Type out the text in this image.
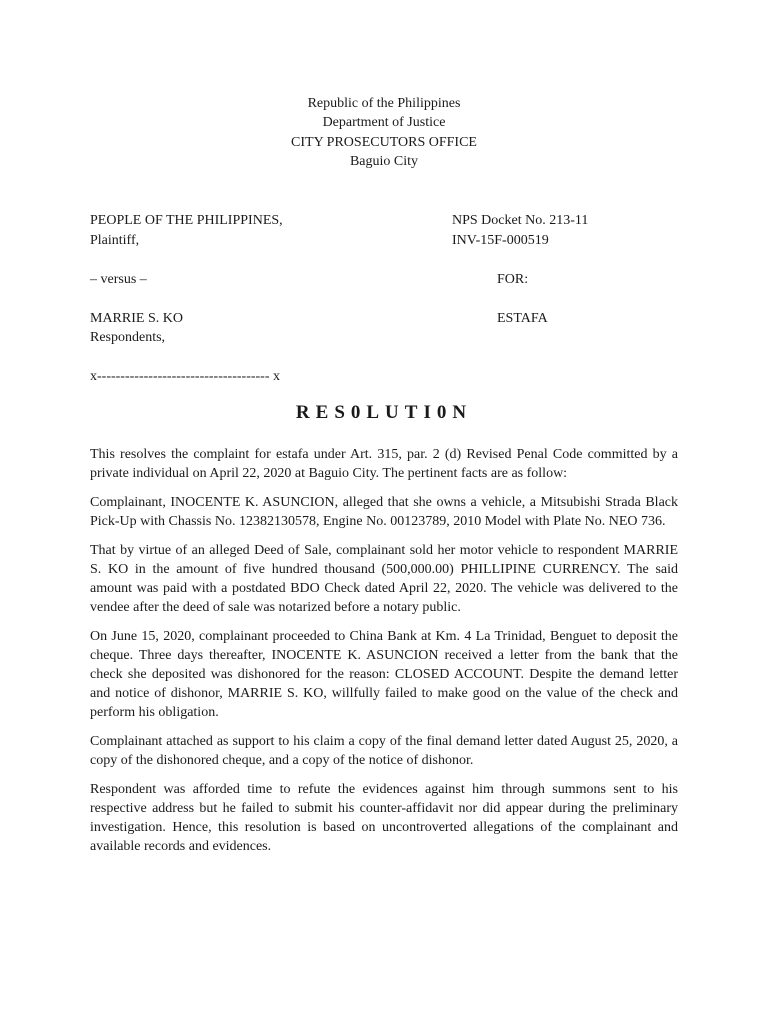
Republic of the Philippines
Department of Justice
CITY PROSECUTORS OFFICE
Baguio City
PEOPLE OF THE PHILIPPINES,
Plaintiff,
NPS Docket No. 213-11
INV-15F-000519
– versus –	FOR:
MARRIE S. KO
Respondents,
ESTAFA
x------------------------------------- x
RES0LUTI0N

This resolves the complaint for estafa under Art. 315, par. 2 (d) Revised Penal Code committed by a private individual on April 22, 2020 at Baguio City. The pertinent facts are as follow:

Complainant, INOCENTE K. ASUNCION, alleged that she owns a vehicle, a Mitsubishi Strada Black Pick-Up with Chassis No. 12382130578, Engine No. 00123789, 2010 Model with Plate No. NEO 736.

That by virtue of an alleged Deed of Sale, complainant sold her motor vehicle to respondent MARRIE S. KO in the amount of five hundred thousand (500,000.00) PHILLIPINE CURRENCY. The said amount was paid with a postdated BDO Check dated April 22, 2020. The vehicle was delivered to the vendee after the deed of sale was notarized before a notary public.

On June 15, 2020, complainant proceeded to China Bank at Km. 4 La Trinidad, Benguet to deposit the cheque. Three days thereafter, INOCENTE K. ASUNCION received a letter from the bank that the check she deposited was dishonored for the reason: CLOSED ACCOUNT. Despite the demand letter and notice of dishonor, MARRIE S. KO, willfully failed to make good on the value of the check and perform his obligation.

Complainant attached as support to his claim a copy of the final demand letter dated August 25, 2020, a copy of the dishonored cheque, and a copy of the notice of dishonor.

Respondent was afforded time to refute the evidences against him through summons sent to his respective address but he failed to submit his counter-affidavit nor did appear during the preliminary investigation. Hence, this resolution is based on uncontroverted allegations of the complainant and available records and evidences.
